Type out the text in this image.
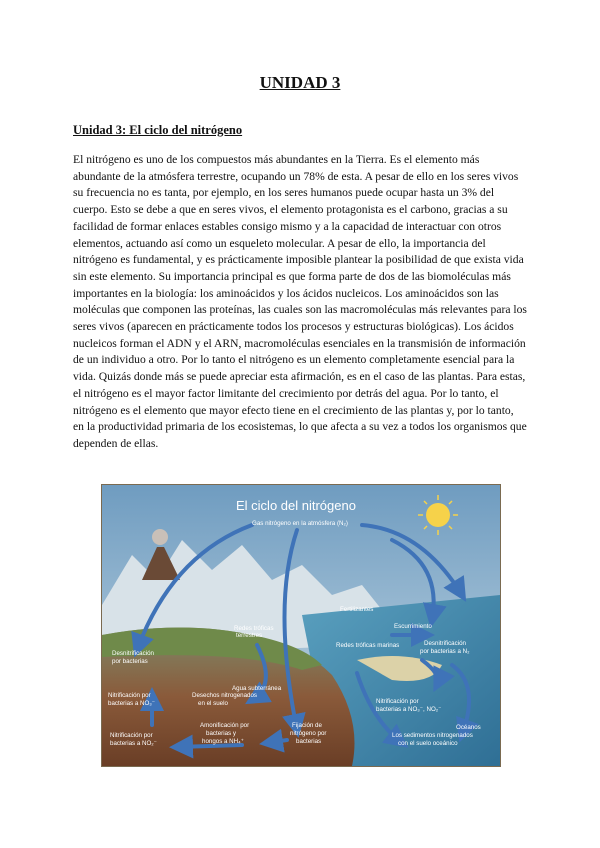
UNIDAD 3
Unidad 3: El ciclo del nitrógeno

El nitrógeno es uno de los compuestos más abundantes en la Tierra. Es el elemento más abundante de la atmósfera terrestre, ocupando un 78% de esta. A pesar de ello en los seres vivos su frecuencia no es tanta, por ejemplo, en los seres humanos puede ocupar hasta un 3% del cuerpo. Esto se debe a que en seres vivos, el elemento protagonista es el carbono, gracias a su facilidad de formar enlaces estables consigo mismo y a la capacidad de interactuar con otros elementos, actuando así como un esqueleto molecular. A pesar de ello, la importancia del nitrógeno es fundamental, y es prácticamente imposible plantear la posibilidad de que exista vida sin este elemento. Su importancia principal es que forma parte de dos de las biomoléculas más importantes en la biología: los aminoácidos y los ácidos nucleicos. Los aminoácidos son las moléculas que componen las proteínas, las cuales son las macromoléculas más relevantes para los seres vivos (aparecen en prácticamente todos los procesos y estructuras biológicas). Los ácidos nucleicos forman el ADN y el ARN, macromoléculas esenciales en la transmisión de información de un individuo a otro. Por lo tanto el nitrógeno es un elemento completamente esencial para la vida. Quizás donde más se puede apreciar esta afirmación, es en el caso de las plantas. Para estas, el nitrógeno es el mayor factor limitante del crecimiento por detrás del agua. Por lo tanto, el nitrógeno es el elemento que mayor efecto tiene en el crecimiento de las plantas y, por lo tanto, en la productividad primaria de los ecosistemas, lo que afecta a su vez a todos los organismos que dependen de ellas.

El ciclo del nitrógeno
Gas nitrógeno en la atmósfera (N₂)
Fertilizantes
Escurrimiento
Redes tróficas
terrestres
Redes tróficas marinas	Desnitrificación
por bacterias a N₂
Desnitrificación
por bacterias
Agua subterránea
Nitrificación por
bacterias a NO₃⁻
Desechos nitrogenados
en el suelo	Nitrificación por
bacterias a NO₃⁻, NO₂⁻
Océanos
Amonificación por
bacterias y
hongos a NH₄⁺
Fijación de
nitrógeno por
bacterias
Nitrificación por
bacterias a NO₂⁻
Los sedimentos nitrogenados
con el suelo oceánico
